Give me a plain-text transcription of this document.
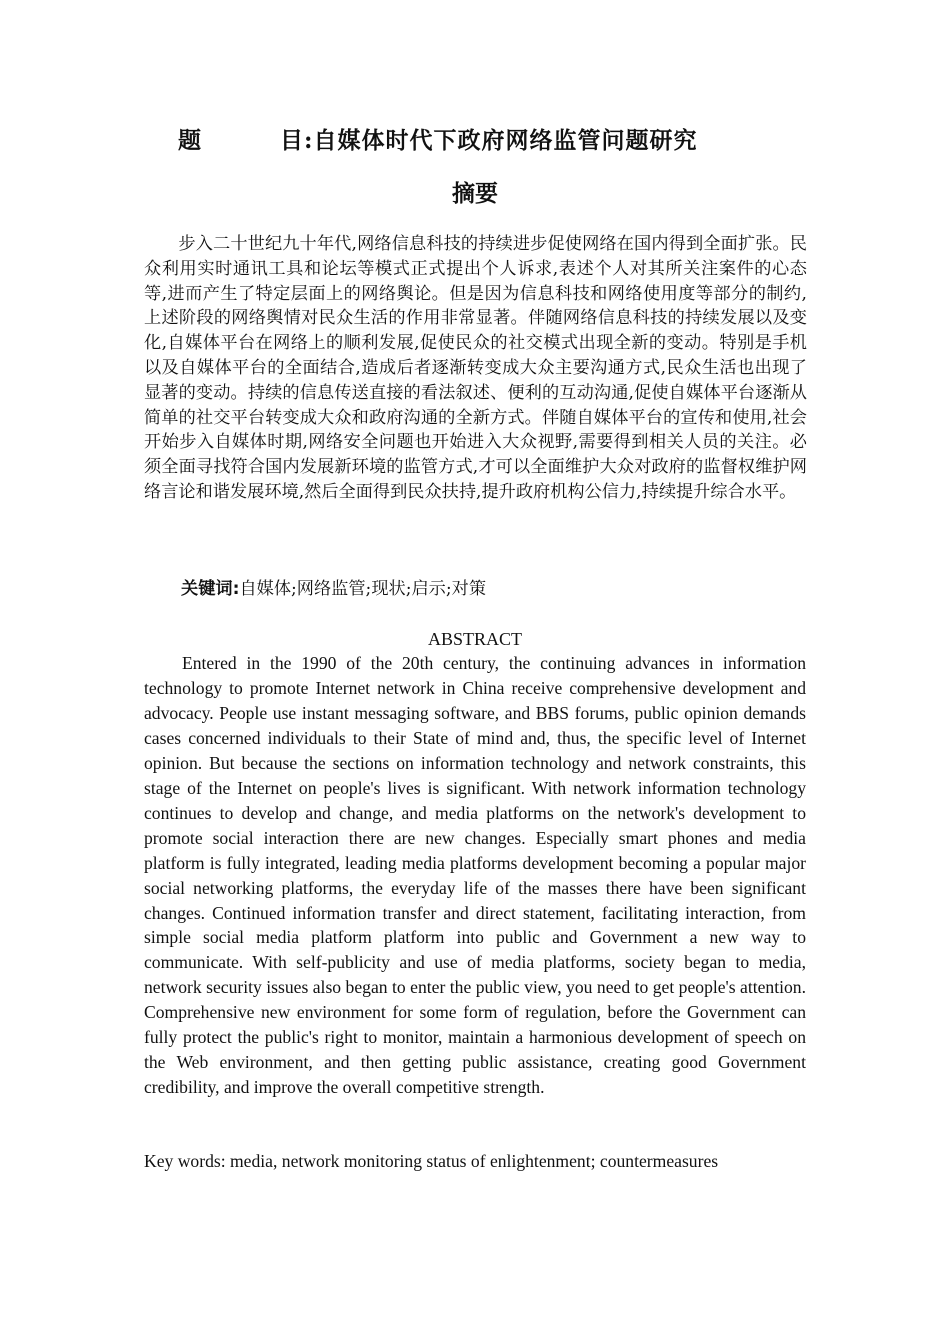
题	目:自媒体时代下政府网络监管问题研究
摘要

步入二十世纪九十年代,网络信息科技的持续进步促使网络在国内得到全面扩张。民众利用实时通讯工具和论坛等模式正式提出个人诉求,表述个人对其所关注案件的心态等,进而产生了特定层面上的网络舆论。但是因为信息科技和网络使用度等部分的制约,上述阶段的网络舆情对民众生活的作用非常显著。伴随网络信息科技的持续发展以及变化,自媒体平台在网络上的顺利发展,促使民众的社交模式出现全新的变动。特别是手机以及自媒体平台的全面结合,造成后者逐渐转变成大众主要沟通方式,民众生活也出现了显著的变动。持续的信息传送直接的看法叙述、便利的互动沟通,促使自媒体平台逐渐从简单的社交平台转变成大众和政府沟通的全新方式。伴随自媒体平台的宣传和使用,社会开始步入自媒体时期,网络安全问题也开始进入大众视野,需要得到相关人员的关注。必须全面寻找符合国内发展新环境的监管方式,才可以全面维护大众对政府的监督权维护网络言论和谐发展环境,然后全面得到民众扶持,提升政府机构公信力,持续提升综合水平。

关键词:自媒体;网络监管;现状;启示;对策
ABSTRACT

Entered in the 1990 of the 20th century, the continuing advances in information technology to promote Internet network in China receive comprehensive development and advocacy. People use instant messaging software, and BBS forums, public opinion demands cases concerned individuals to their State of mind and, thus, the specific level of Internet opinion. But because the sections on information technology and network constraints, this stage of the Internet on people's lives is significant. With network information technology continues to develop and change, and media platforms on the network's development to promote social interaction there are new changes. Especially smart phones and media platform is fully integrated, leading media platforms development becoming a popular major social networking platforms, the everyday life of the masses there have been significant changes. Continued information transfer and direct statement, facilitating interaction, from simple social media platform platform into public and Government a new way to communicate. With self-publicity and use of media platforms, society began to media, network security issues also began to enter the public view, you need to get people's attention. Comprehensive new environment for some form of regulation, before the Government can fully protect the public's right to monitor, maintain a harmonious development of speech on the Web environment, and then getting public assistance, creating good Government credibility, and improve the overall competitive strength.

Key words: media, network monitoring status of enlightenment; countermeasures
